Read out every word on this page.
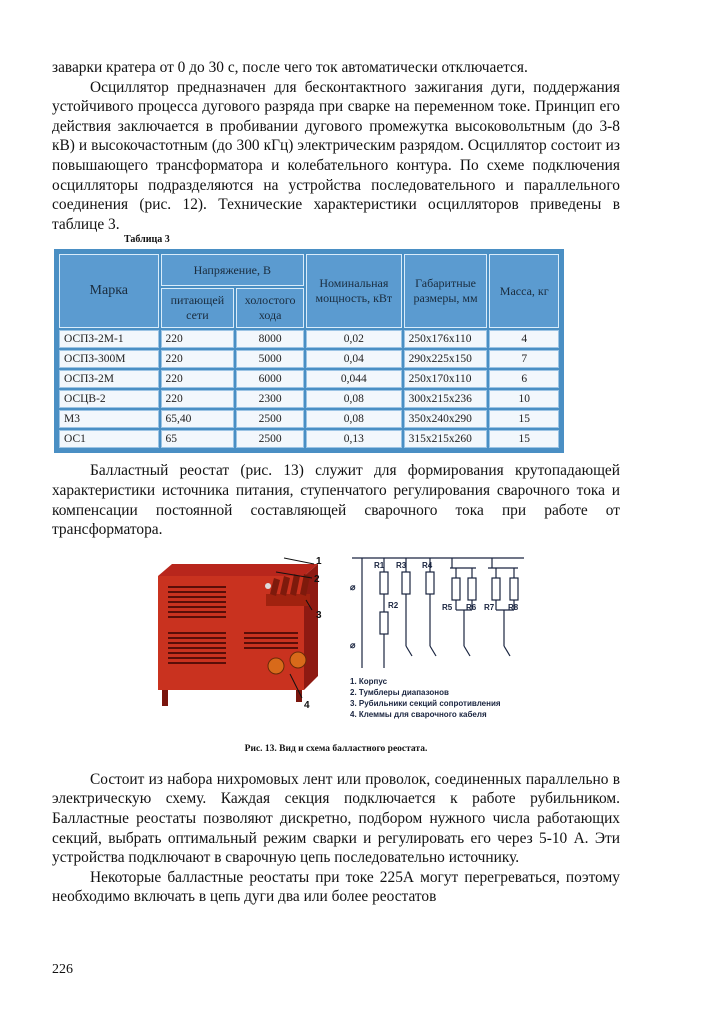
заварки кратера от 0 до 30 с, после чего ток автоматически отключается.

Осциллятор предназначен для бесконтактного зажигания дуги, поддержания устойчивого процесса дугового разряда при сварке на переменном токе. Принцип его действия заключается в пробивании дугового промежутка высоковольтным (до 3-8 кВ) и высокочастотным (до 300 кГц) электрическим разрядом. Осциллятор состоит из повышающего трансформатора и колебательного контура. По схеме подключения осцилляторы подразделяются на устройства последовательного и параллельного соединения (рис. 12). Технические характеристики осцилляторов приведены в таблице 3.

Таблица 3
Марка	Напряжение, В		Номинальная мощность, кВт	Габаритные размеры, мм	Масса, кг
	питающей сети	холостого хода			
ОСПЗ-2М-1	220	8000	0,02	250х176х110	4
ОСПЗ-300М	220	5000	0,04	290х225х150	7
ОСПЗ-2М	220	6000	0,044	250х170х110	6
ОСЦВ-2	220	2300	0,08	300х215х236	10
М3	65,40	2500	0,08	350х240х290	15
ОС1	65	2500	0,13	315х215х260	15

Балластный реостат (рис. 13) служит для формирования крутопадающей характеристики источника питания, ступенчатого регулирования сварочного тока и компенсации постоянной составляющей сварочного тока при работе от трансформатора.

1
2
3
4
R1
R2
R3 R4
R5 R6 R7 R8
⌀
⌀
1. Корпус
2. Тумблеры диапазонов
3. Рубильники секций сопротивления
4. Клеммы для сварочного кабеля
Рис. 13. Вид и схема балластного реостата.

Состоит из набора нихромовых лент или проволок, соединенных параллельно в электрическую схему. Каждая секция подключается к работе рубильником. Балластные реостаты позволяют дискретно, подбором нужного числа работающих секций, выбрать оптимальный режим сварки и регулировать его через 5-10 А. Эти устройства подключают в сварочную цепь последовательно источнику.

Некоторые балластные реостаты при токе 225А могут перегреваться, поэтому необходимо включать в цепь дуги два или более реостатов

226
